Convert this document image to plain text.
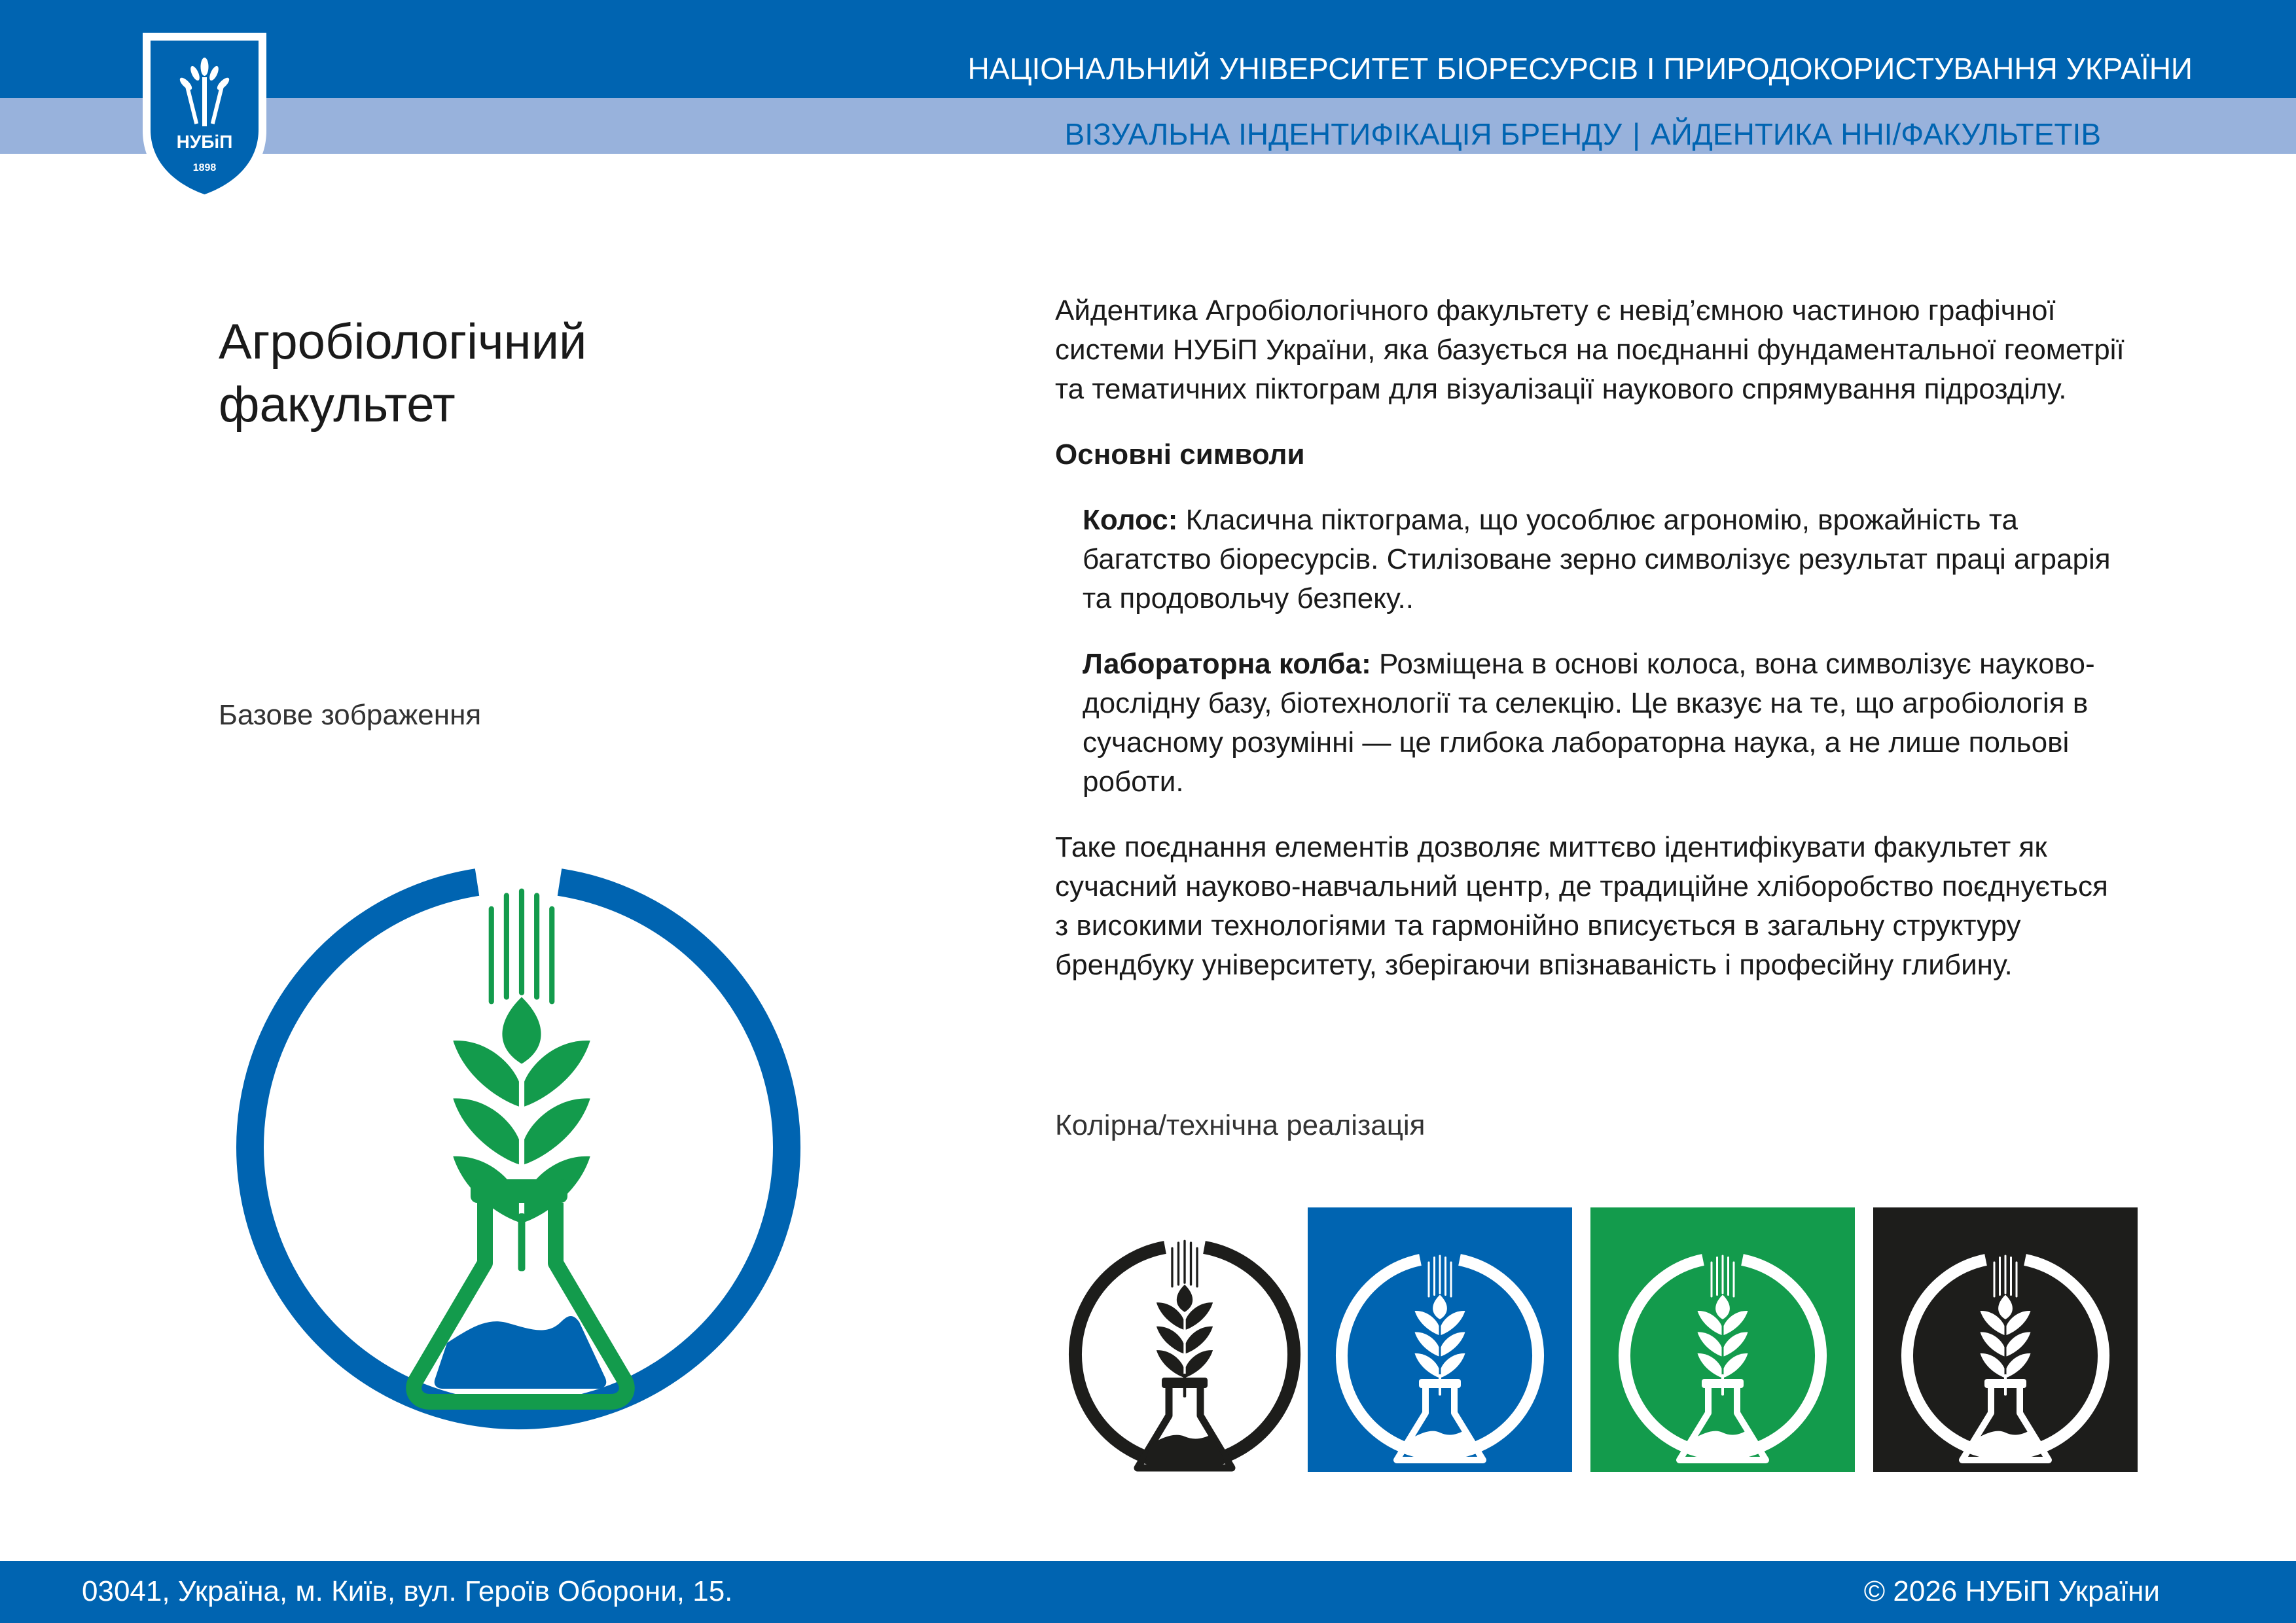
НУБіП
1898
НАЦІОНАЛЬНИЙ УНІВЕРСИТЕТ БІОРЕСУРСІВ І ПРИРОДОКОРИСТУВАННЯ УКРАЇНИ
ВІЗУАЛЬНА ІНДЕНТИФІКАЦІЯ БРЕНДУ | АЙДЕНТИКА ННІ/ФАКУЛЬТЕТІВ
Агробіологічний
факультет
Базове зображення

Айдентика Агробіологічного факультету є невід’ємною частиною графічної системи НУБіП України, яка базується на поєднанні фундаментальної геометрії та тематичних піктограм для візуалізації наукового спрямування підрозділу.

Основні символи

Колос: Класична піктограма, що уособлює агрономію, врожайність та багатство біоресурсів. Стилізоване зерно символізує результат праці аграрія та продовольчу безпеку..

Лабораторна колба: Розміщена в основі колоса, вона символізує науково-дослідну базу, біотехнології та селекцію. Це вказує на те, що агробіологія в сучасному розумінні — це глибока лабораторна наука, а не лише польові роботи.

Таке поєднання елементів дозволяє миттєво ідентифікувати факультет як сучасний науково-навчальний центр, де традиційне хліборобство поєднується з високими технологіями та гармонійно вписується в загальну структуру брендбуку університету, зберігаючи впізнаваність і професійну глибину.

Колірна/технічна реалізація
03041, Україна, м. Київ, вул. Героїв Оборони, 15.	© 2026 НУБіП України
